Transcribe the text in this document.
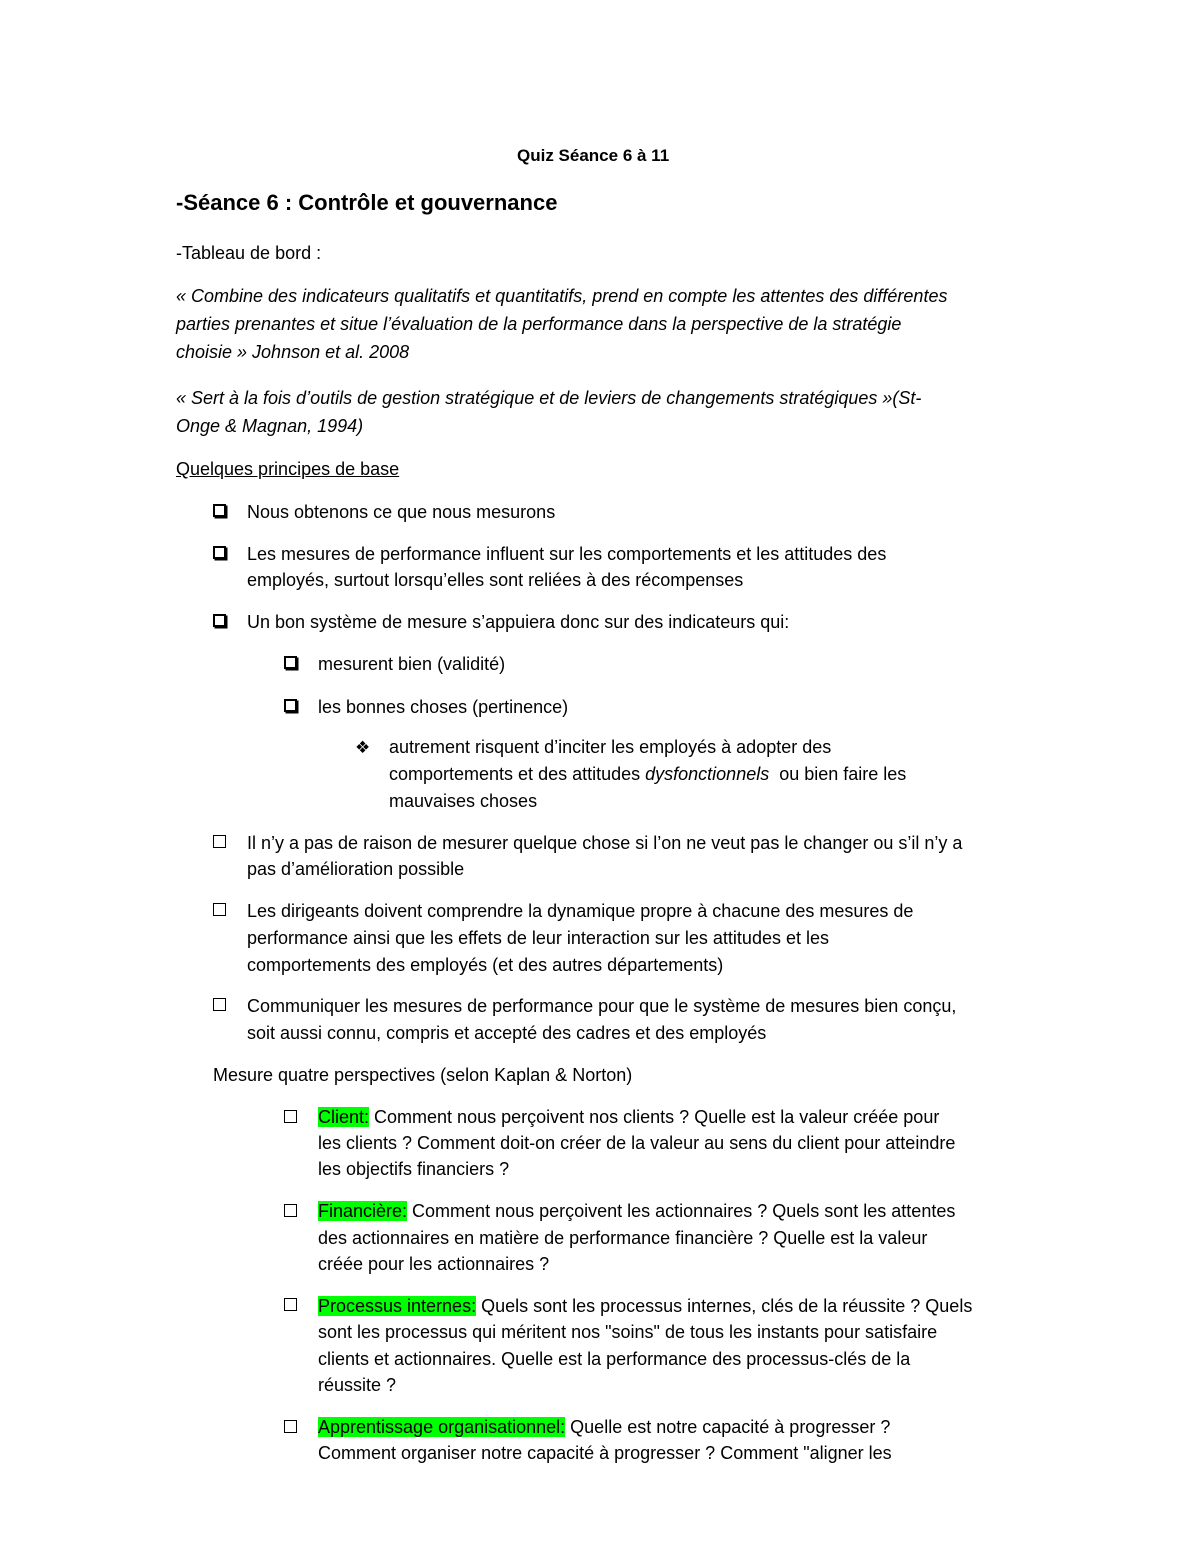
Quiz Séance 6 à 11
-Séance 6 : Contrôle et gouvernance
-Tableau de bord :
« Combine des indicateurs qualitatifs et quantitatifs, prend en compte les attentes des différentes
parties prenantes et situe l’évaluation de la performance dans la perspective de la stratégie
choisie » Johnson et al. 2008
« Sert à la fois d’outils de gestion stratégique et de leviers de changements stratégiques »(St-
Onge & Magnan, 1994)
Quelques principes de base
Nous obtenons ce que nous mesurons
Les mesures de performance influent sur les comportements et les attitudes des
employés, surtout lorsqu’elles sont reliées à des récompenses
Un bon système de mesure s’appuiera donc sur des indicateurs qui:
mesurent bien (validité)
les bonnes choses (pertinence)
❖ autrement risquent d’inciter les employés à adopter des
comportements et des attitudes dysfonctionnels  ou bien faire les
mauvaises choses
Il n’y a pas de raison de mesurer quelque chose si l’on ne veut pas le changer ou s’il n’y a
pas d’amélioration possible
Les dirigeants doivent comprendre la dynamique propre à chacune des mesures de
performance ainsi que les effets de leur interaction sur les attitudes et les
comportements des employés (et des autres départements)
Communiquer les mesures de performance pour que le système de mesures bien conçu,
soit aussi connu, compris et accepté des cadres et des employés
Mesure quatre perspectives (selon Kaplan & Norton)
Client: Comment nous perçoivent nos clients ? Quelle est la valeur créée pour
les clients ? Comment doit-on créer de la valeur au sens du client pour atteindre
les objectifs financiers ?
Financière: Comment nous perçoivent les actionnaires ? Quels sont les attentes
des actionnaires en matière de performance financière ? Quelle est la valeur
créée pour les actionnaires ?
Processus internes: Quels sont les processus internes, clés de la réussite ? Quels
sont les processus qui méritent nos "soins" de tous les instants pour satisfaire
clients et actionnaires. Quelle est la performance des processus-clés de la
réussite ?
Apprentissage organisationnel: Quelle est notre capacité à progresser ?
Comment organiser notre capacité à progresser ? Comment "aligner les
